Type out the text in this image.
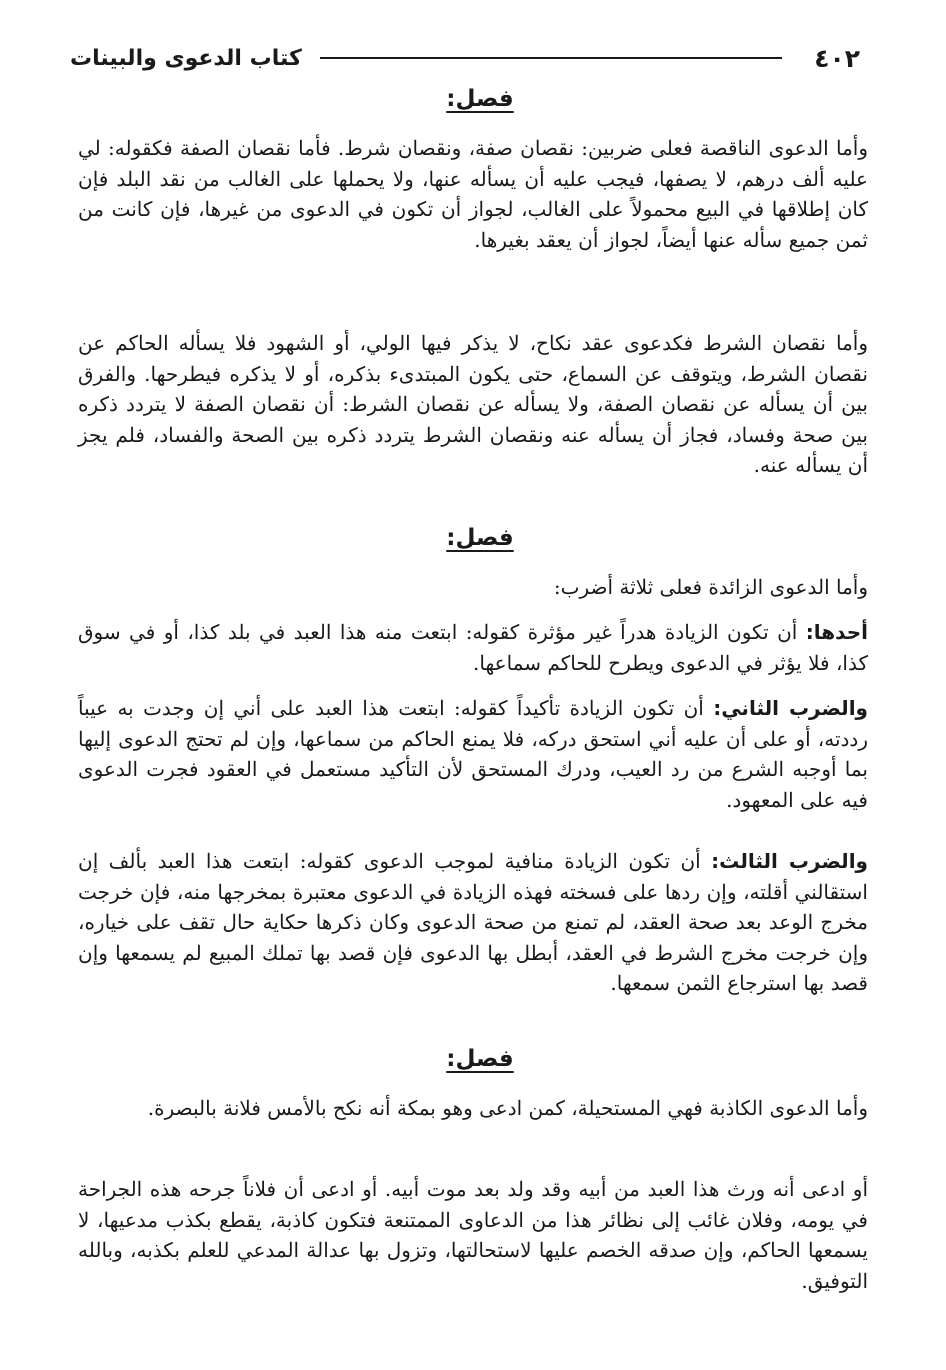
٤٠٢
كتاب الدعوى والبينات
فصل:

وأما الدعوى الناقصة فعلى ضربين: نقصان صفة، ونقصان شرط. فأما نقصان الصفة فكقوله: لي عليه ألف درهم، لا يصفها، فيجب عليه أن يسأله عنها، ولا يحملها على الغالب من نقد البلد فإن كان إطلاقها في البيع محمولاً على الغالب، لجواز أن تكون في الدعوى من غيرها، فإن كانت من ثمن جميع سأله عنها أيضاً، لجواز أن يعقد بغيرها.

وأما نقصان الشرط فكدعوى عقد نكاح، لا يذكر فيها الولي، أو الشهود فلا يسأله الحاكم عن نقصان الشرط، ويتوقف عن السماع، حتى يكون المبتدىء بذكره، أو لا يذكره فيطرحها. والفرق بين أن يسأله عن نقصان الصفة، ولا يسأله عن نقصان الشرط: أن نقصان الصفة لا يتردد ذكره بين صحة وفساد، فجاز أن يسأله عنه ونقصان الشرط يتردد ذكره بين الصحة والفساد، فلم يجز أن يسأله عنه.

فصل:

وأما الدعوى الزائدة فعلى ثلاثة أضرب:

أحدها: أن تكون الزيادة هدراً غير مؤثرة كقوله: ابتعت منه هذا العبد في بلد كذا، أو في سوق كذا، فلا يؤثر في الدعوى ويطرح للحاكم سماعها.

والضرب الثاني: أن تكون الزيادة تأكيداً كقوله: ابتعت هذا العبد على أني إن وجدت به عيباً رددته، أو على أن عليه أني استحق دركه، فلا يمنع الحاكم من سماعها، وإن لم تحتج الدعوى إليها بما أوجبه الشرع من رد العيب، ودرك المستحق لأن التأكيد مستعمل في العقود فجرت الدعوى فيه على المعهود.

والضرب الثالث: أن تكون الزيادة منافية لموجب الدعوى كقوله: ابتعت هذا العبد بألف إن استقالني أقلته، وإن ردها على فسخته فهذه الزيادة في الدعوى معتبرة بمخرجها منه، فإن خرجت مخرج الوعد بعد صحة العقد، لم تمنع من صحة الدعوى وكان ذكرها حكاية حال تقف على خياره، وإن خرجت مخرج الشرط في العقد، أبطل بها الدعوى فإن قصد بها تملك المبيع لم يسمعها وإن قصد بها استرجاع الثمن سمعها.

فصل:

وأما الدعوى الكاذبة فهي المستحيلة، كمن ادعى وهو بمكة أنه نكح بالأمس فلانة بالبصرة.

أو ادعى أنه ورث هذا العبد من أبيه وقد ولد بعد موت أبيه. أو ادعى أن فلاناً جرحه هذه الجراحة في يومه، وفلان غائب إلى نظائر هذا من الدعاوى الممتنعة فتكون كاذبة، يقطع بكذب مدعيها، لا يسمعها الحاكم، وإن صدقه الخصم عليها لاستحالتها، وتزول بها عدالة المدعي للعلم بكذبه، وبالله التوفيق.
